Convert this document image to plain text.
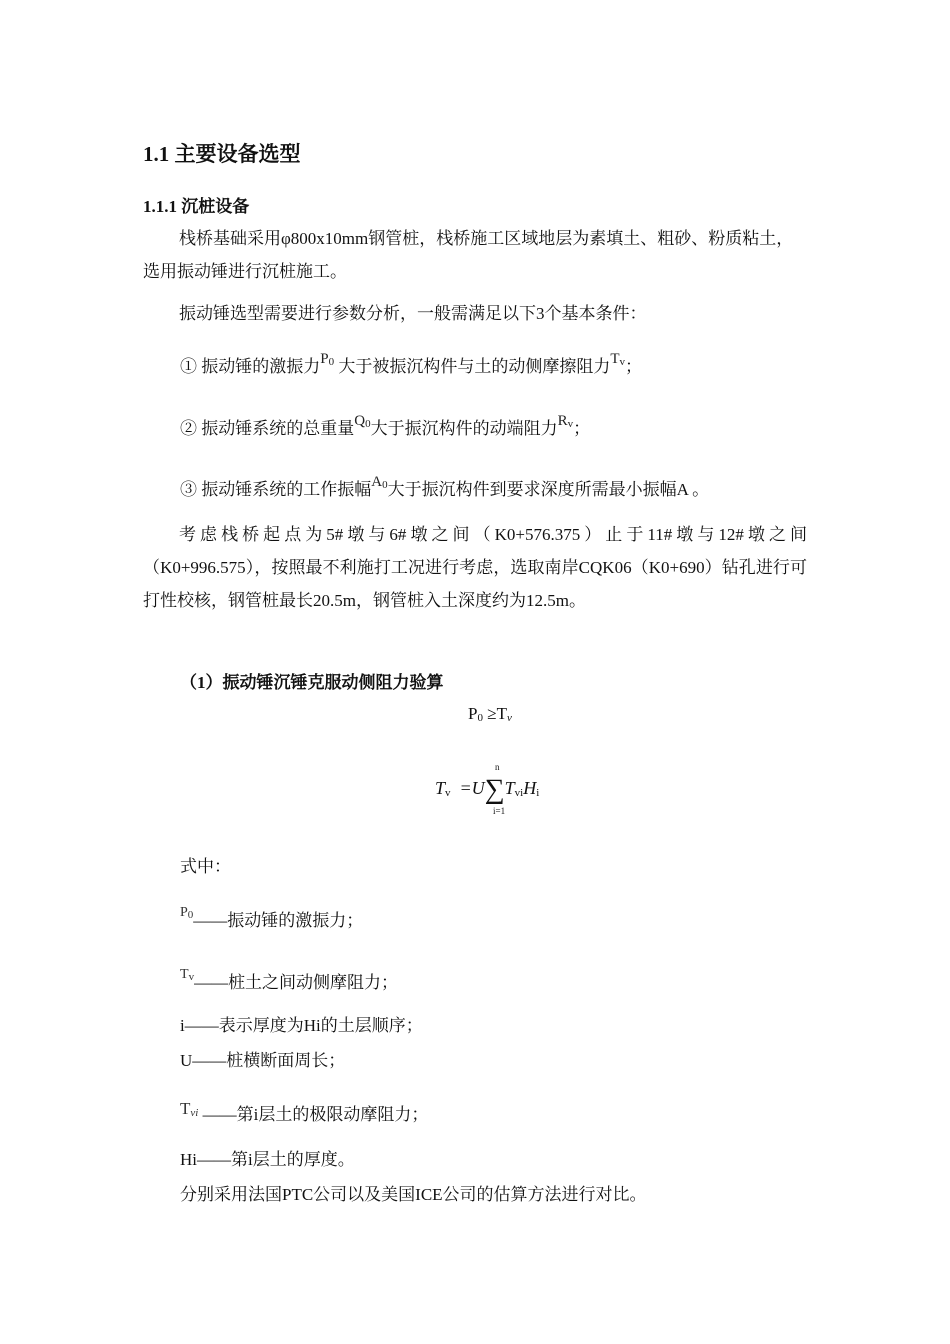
1.1 主要设备选型
1.1.1 沉桩设备
栈桥基础采用φ800x10mm钢管桩，栈桥施工区域地层为素填土、粗砂、粉质粘土，选用振动锤进行沉桩施工。
振动锤选型需要进行参数分析，一般需满足以下3个基本条件：
① 振动锤的激振力P0 大于被振沉构件与土的动侧摩擦阻力Tv；
② 振动锤系统的总重量Q0大于振沉构件的动端阻力Rv；
③ 振动锤系统的工作振幅A0大于振沉构件到要求深度所需最小振幅A 。
考虑栈桥起点为5#墩与6#墩之间（K0+576.375）止于11#墩与12#墩之间（K0+996.575），按照最不利施打工况进行考虑，选取南岸CQK06（K0+690）钻孔进行可打性校核，钢管桩最长20.5m，钢管桩入土深度约为12.5m。
（1）振动锤沉锤克服动侧阻力验算
P0 ≥Tv
Tv =U∑TviHi
n
i=1
式中：
$^{P0}$——振动锤的激振力；
$^{Tv}$——桩土之间动侧摩阻力；
i——表示厚度为Hi的土层顺序；
U——桩横断面周长；
Tvi ——第i层土的极限动摩阻力；
Hi——第i层土的厚度。
分别采用法国PTC公司以及美国ICE公司的估算方法进行对比。
